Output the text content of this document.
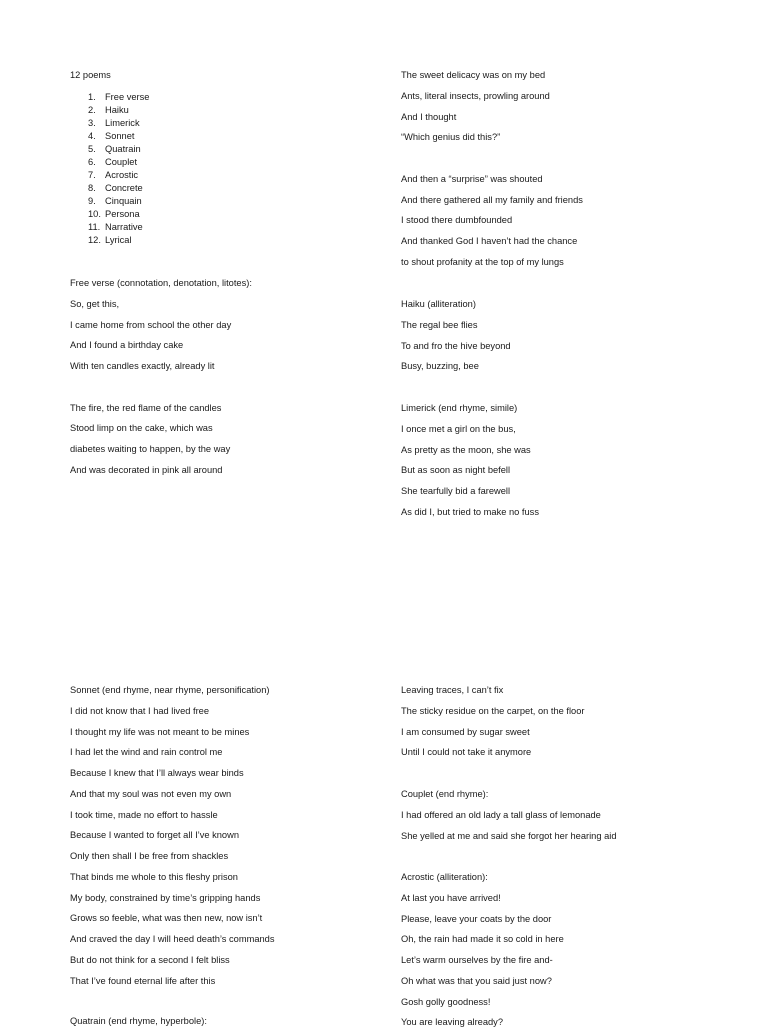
12 poems
1. Free verse
2. Haiku
3. Limerick
4. Sonnet
5. Quatrain
6. Couplet
7. Acrostic
8. Concrete
9. Cinquain
10. Persona
11. Narrative
12. Lyrical
Free verse (connotation, denotation, litotes):
So, get this,
I came home from school the other day
And I found a birthday cake
With ten candles exactly, already lit
The fire, the red flame of the candles
Stood limp on the cake, which was
diabetes waiting to happen, by the way
And was decorated in pink all around
The sweet delicacy was on my bed
Ants, literal insects, prowling around
And I thought
“Which genius did this?”
And then a “surprise” was shouted
And there gathered all my family and friends
I stood there dumbfounded
And thanked God I haven’t had the chance
to shout profanity at the top of my lungs
Haiku (alliteration)
The regal bee flies
To and fro the hive beyond
Busy, buzzing, bee
Limerick (end rhyme, simile)
I once met a girl on the bus,
As pretty as the moon, she was
But as soon as night befell
She tearfully bid a farewell
As did I, but tried to make no fuss
Sonnet (end rhyme, near rhyme, personification)
I did not know that I had lived free
I thought my life was not meant to be mines
I had let the wind and rain control me
Because I knew that I’ll always wear binds
And that my soul was not even my own
I took time, made no effort to hassle
Because I wanted to forget all I’ve known
Only then shall I be free from shackles
That binds me whole to this fleshy prison
My body, constrained by time’s gripping hands
Grows so feeble, what was then new, now isn’t
And craved the day I will heed death’s commands
But do not think for a second I felt bliss
That I’ve found eternal life after this
Quatrain (end rhyme, hyperbole):
Leaving traces, I can’t fix
The sticky residue on the carpet, on the floor
I am consumed by sugar sweet
Until I could not take it anymore
Couplet (end rhyme):
I had offered an old lady a tall glass of lemonade
She yelled at me and said she forgot her hearing aid
Acrostic (alliteration):
At last you have arrived!
Please, leave your coats by the door
Oh, the rain had made it so cold in here
Let’s warm ourselves by the fire and-
Oh what was that you said just now?
Gosh golly goodness!
You are leaving already?
